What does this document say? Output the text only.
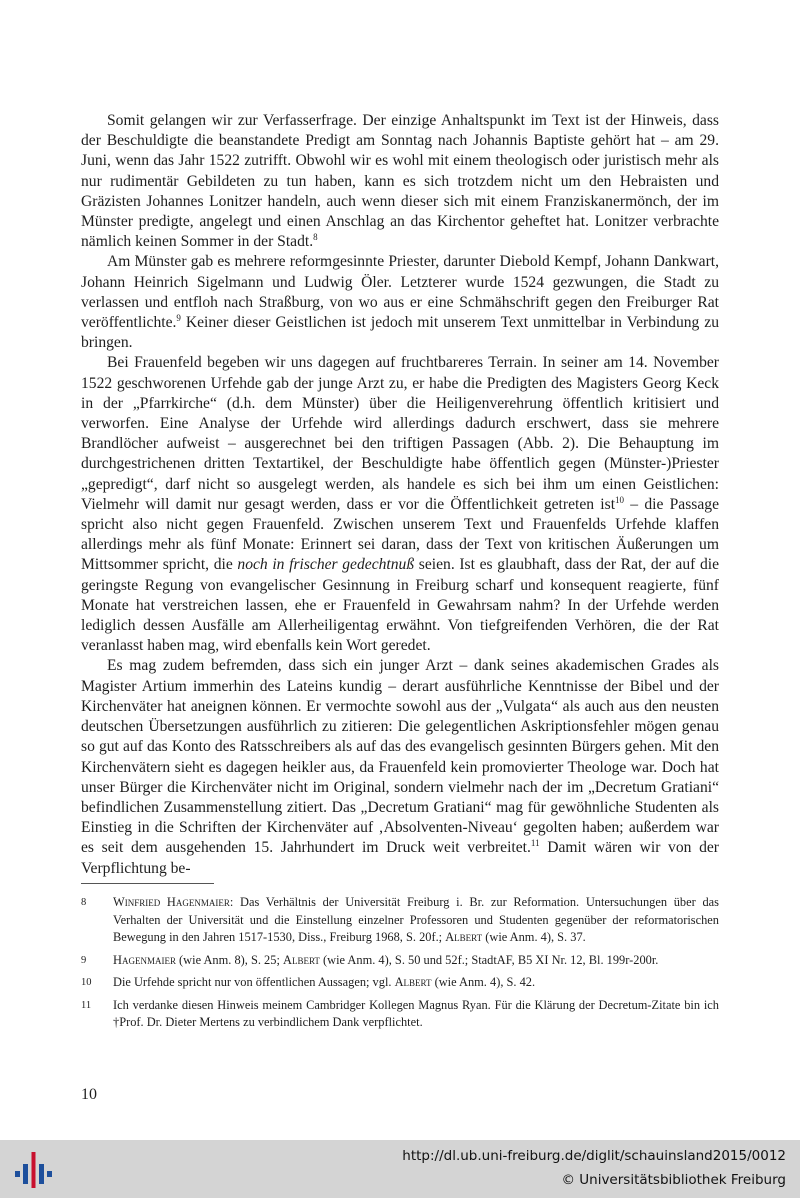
Somit gelangen wir zur Verfasserfrage. Der einzige Anhaltspunkt im Text ist der Hinweis, dass der Beschuldigte die beanstandete Predigt am Sonntag nach Johannis Baptiste gehört hat – am 29. Juni, wenn das Jahr 1522 zutrifft. Obwohl wir es wohl mit einem theologisch oder juristisch mehr als nur rudimentär Gebildeten zu tun haben, kann es sich trotzdem nicht um den Hebraisten und Gräzisten Johannes Lonitzer handeln, auch wenn dieser sich mit einem Franziskanermönch, der im Münster predigte, angelegt und einen Anschlag an das Kirchentor geheftet hat. Lonitzer verbrachte nämlich keinen Sommer in der Stadt.$^8$

Am Münster gab es mehrere reformgesinnte Priester, darunter Diebold Kempf, Johann Dankwart, Johann Heinrich Sigelmann und Ludwig Öler. Letzterer wurde 1524 gezwungen, die Stadt zu verlassen und entfloh nach Straßburg, von wo aus er eine Schmähschrift gegen den Freiburger Rat veröffentlichte.$^9$ Keiner dieser Geistlichen ist jedoch mit unserem Text unmittelbar in Verbindung zu bringen.

Bei Frauenfeld begeben wir uns dagegen auf fruchtbareres Terrain. In seiner am 14. November 1522 geschworenen Urfehde gab der junge Arzt zu, er habe die Predigten des Magisters Georg Keck in der „Pfarrkirche“ (d.h. dem Münster) über die Heiligenverehrung öffentlich kritisiert und verworfen. Eine Analyse der Urfehde wird allerdings dadurch erschwert, dass sie mehrere Brandlöcher aufweist – ausgerechnet bei den triftigen Passagen (Abb. 2). Die Behauptung im durchgestrichenen dritten Textartikel, der Beschuldigte habe öffentlich gegen (Münster-)Priester „gepredigt“, darf nicht so ausgelegt werden, als handele es sich bei ihm um einen Geistlichen: Vielmehr will damit nur gesagt werden, dass er vor die Öffentlichkeit getreten ist$^{10}$ – die Passage spricht also nicht gegen Frauenfeld. Zwischen unserem Text und Frauenfelds Urfehde klaffen allerdings mehr als fünf Monate: Erinnert sei daran, dass der Text von kritischen Äußerungen um Mittsommer spricht, die noch in frischer gedechtnuß seien. Ist es glaubhaft, dass der Rat, der auf die geringste Regung von evangelischer Gesinnung in Freiburg scharf und konsequent reagierte, fünf Monate hat verstreichen lassen, ehe er Frauenfeld in Gewahrsam nahm? In der Urfehde werden lediglich dessen Ausfälle am Allerheiligentag erwähnt. Von tiefgreifenden Verhören, die der Rat veranlasst haben mag, wird ebenfalls kein Wort geredet.

Es mag zudem befremden, dass sich ein junger Arzt – dank seines akademischen Grades als Magister Artium immerhin des Lateins kundig – derart ausführliche Kenntnisse der Bibel und der Kirchenväter hat aneignen können. Er vermochte sowohl aus der „Vulgata“ als auch aus den neusten deutschen Übersetzungen ausführlich zu zitieren: Die gelegentlichen Askriptionsfehler mögen genau so gut auf das Konto des Ratsschreibers als auf das des evangelisch gesinnten Bürgers gehen. Mit den Kirchenvätern sieht es dagegen heikler aus, da Frauenfeld kein promovierter Theologe war. Doch hat unser Bürger die Kirchenväter nicht im Original, sondern vielmehr nach der im „Decretum Gratiani“ befindlichen Zusammenstellung zitiert. Das „Decretum Gratiani“ mag für gewöhnliche Studenten als Einstieg in die Schriften der Kirchenväter auf ‚Absolventen-Niveau‘ gegolten haben; außerdem war es seit dem ausgehenden 15. Jahrhundert im Druck weit verbreitet.$^{11}$ Damit wären wir von der Verpflichtung be-

8	Winfried Hagenmaier: Das Verhältnis der Universität Freiburg i. Br. zur Reformation. Untersuchungen über das Verhalten der Universität und die Einstellung einzelner Professoren und Studenten gegenüber der reformatorischen Bewegung in den Jahren 1517-1530, Diss., Freiburg 1968, S. 20f.; Albert (wie Anm. 4), S. 37.
9	Hagenmaier (wie Anm. 8), S. 25; Albert (wie Anm. 4), S. 50 und 52f.; StadtAF, B5 XI Nr. 12, Bl. 199r-200r.
10	Die Urfehde spricht nur von öffentlichen Aussagen; vgl. Albert (wie Anm. 4), S. 42.
11	Ich verdanke diesen Hinweis meinem Cambridger Kollegen Magnus Ryan. Für die Klärung der Decretum-Zitate bin ich †Prof. Dr. Dieter Mertens zu verbindlichem Dank verpflichtet.
10
http://dl.ub.uni-freiburg.de/diglit/schauinsland2015/0012
© Universitätsbibliothek Freiburg
